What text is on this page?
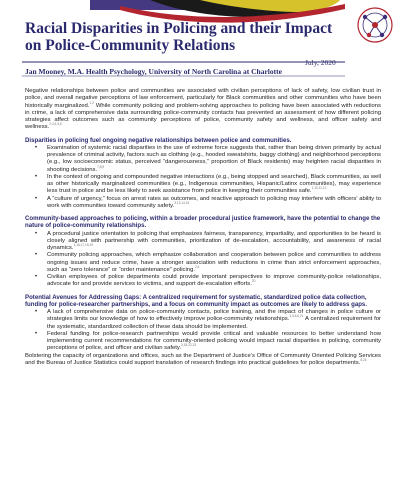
Racial Disparities in Policing and their Impact on Police-Community Relations
July, 2020
Jan Mooney, M.A. Health Psychology, University of North Carolina at Charlotte

Negative relationships between police and communities are associated with civilian perceptions of lack of safety, low civilian trust in police, and overall negative perceptions of law enforcement, particularly for Black communities and other communities who have been historically marginalized.$^{1,2}$ While community policing and problem-solving approaches to policing have been associated with reductions in crime, a lack of comprehensive data surrounding police-community contacts has prevented an assessment of how different policing strategies affect outcomes such as community perceptions of police, community safety and wellness, and officer safety and wellness.$^{2,3,4,5,6}$

Disparities in policing fuel ongoing negative relationships between police and communities.
• Examination of systemic racial disparities in the use of extreme force suggests that, rather than being driven primarily by actual prevalence of criminal activity, factors such as clothing (e.g., hooded sweatshirts, baggy clothing) and neighborhood perceptions (e.g., low socioeconomic status, perceived “dangerousness,” proportion of Black residents) may heighten racial disparities in shooting decisions.$^{7,8,9}$
• In the context of ongoing and compounded negative interactions (e.g., being stopped and searched), Black communities, as well as other historically marginalized communities (e.g., Indigenous communities, Hispanic/Latinx communities), may experience less trust in police and be less likely to seek assistance from police in keeping their communities safe.$^{1,10,11,12}$
• A “culture of urgency,” focus on arrest rates as outcomes, and reactive approach to policing may interfere with officers’ ability to work with communities toward community safety.$^{3,13,14,15}$
Community-based approaches to policing, within a broader procedural justice framework, have the potential to change the nature of police-community relationships.
• A procedural justice orientation to policing that emphasizes fairness, transparency, impartiality, and opportunities to be heard is closely aligned with partnership with communities, prioritization of de-escalation, accountability, and awareness of racial dynamics.$^{1,16,17,18,19}$
• Community policing approaches, which emphasize collaboration and cooperation between police and communities to address ongoing issues and reduce crime, have a stronger association with reductions in crime than strict enforcement approaches, such as “zero tolerance” or “order maintenance” policing.$^{2,4}$
• Civilian employees of police departments could provide important perspectives to improve community-police relationships, advocate for and provide services to victims, and support de-escalation efforts.$^{20}$
Potential Avenues for Addressing Gaps: A centralized requirement for systematic, standardized police data collection, funding for police-researcher partnerships, and a focus on community impact as outcomes are likely to address gaps.
• A lack of comprehensive data on police-community contacts, police training, and the impact of changes in police culture or strategies limits our knowledge of how to effectively improve police-community relationships.$^{1,3,5,6,21}$ A centralized requirement for the systematic, standardized collection of these data should be implemented.
• Federal funding for police-research partnerships would provide critical and valuable resources to better understand how implementing current recommendations for community-oriented policing would impact racial disparities in policing, community perceptions of police, and officer and civilian safety.$^{3,18,22,23}$

Bolstering the capacity of organizations and offices, such as the Department of Justice’s Office of Community Oriented Policing Services and the Bureau of Justice Statistics could support translation of research findings into practical guidelines for police departments.$^{5,24}$
